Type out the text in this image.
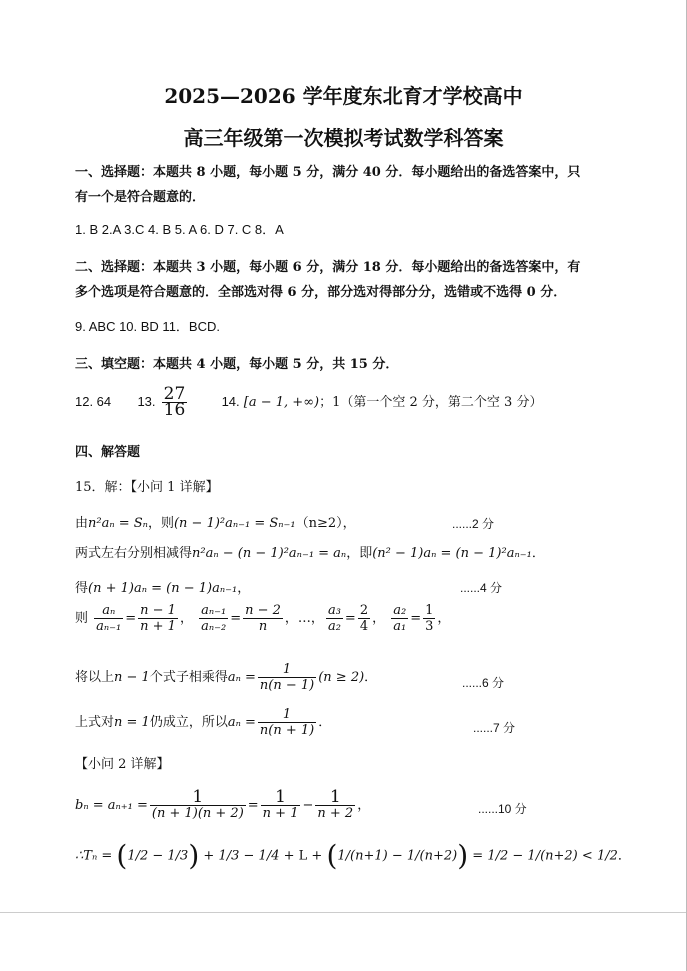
2025—2026 学年度东北育才学校高中
高三年级第一次模拟考试数学科答案
一、选择题：本题共 8 小题，每小题 5 分，满分 40 分．每小题给出的备选答案中，只
有一个是符合题意的．
1. B 2.A 3.C 4. B 5. A 6. D 7. C 8．A
二、选择题：本题共 3 小题，每小题 6 分，满分 18 分．每小题给出的备选答案中，有
多个选项是符合题意的．全部选对得 6 分，部分选对得部分分，选错或不选得 0 分．
9. ABC 10. BD 11．BCD.
三、填空题：本题共 4 小题，每小题 5 分，共 15 分．
12. 64 13. $\frac{27}{16}$	14. [a − 1, +∞)；1（第一个空 2 分，第二个空 3 分）
四、解答题
15．解：【小问 1 详解】
由n²aₙ = Sₙ，则(n − 1)²aₙ₋₁ = Sₙ₋₁（n≥2），	......2 分
两式左右分别相减得n²aₙ − (n − 1)²aₙ₋₁ = aₙ，即(n² − 1)aₙ = (n − 1)²aₙ₋₁．
得(n + 1)aₙ = (n − 1)aₙ₋₁，	......4 分
则 $\frac{\text{aₙ}}{\text{aₙ₋₁}} = \frac{n - 1}{n + 1}$ ， $\frac{\text{aₙ₋₁}}{\text{aₙ₋₂}} = \frac{n - 2}{n}$ ，…， $\frac{\text{a₃}}{\text{a₂}} = \frac{2}{4}$ ， $\frac{\text{a₂}}{\text{a₁}} = \frac{1}{3}$ ，
将以上n − 1个式子相乘得$a_n = \frac{1}{n(n - 1)} (n \ge 2)$．	......6 分
上式对n = 1仍成立，所以$a_n = \frac{1}{n(n + 1)}$ ．	......7 分
【小问 2 详解】
$b_n = a_{n+1} = \frac{1}{(n + 1)(n + 2)} = \frac{1}{n + 1} - \frac{1}{n + 2}$ ，	......10 分
∴Tₙ = (1/2 − 1/3) + 1/3 − 1/4 + L + (1/(n+1) − 1/(n+2)) = 1/2 − 1/(n+2) < 1/2．
